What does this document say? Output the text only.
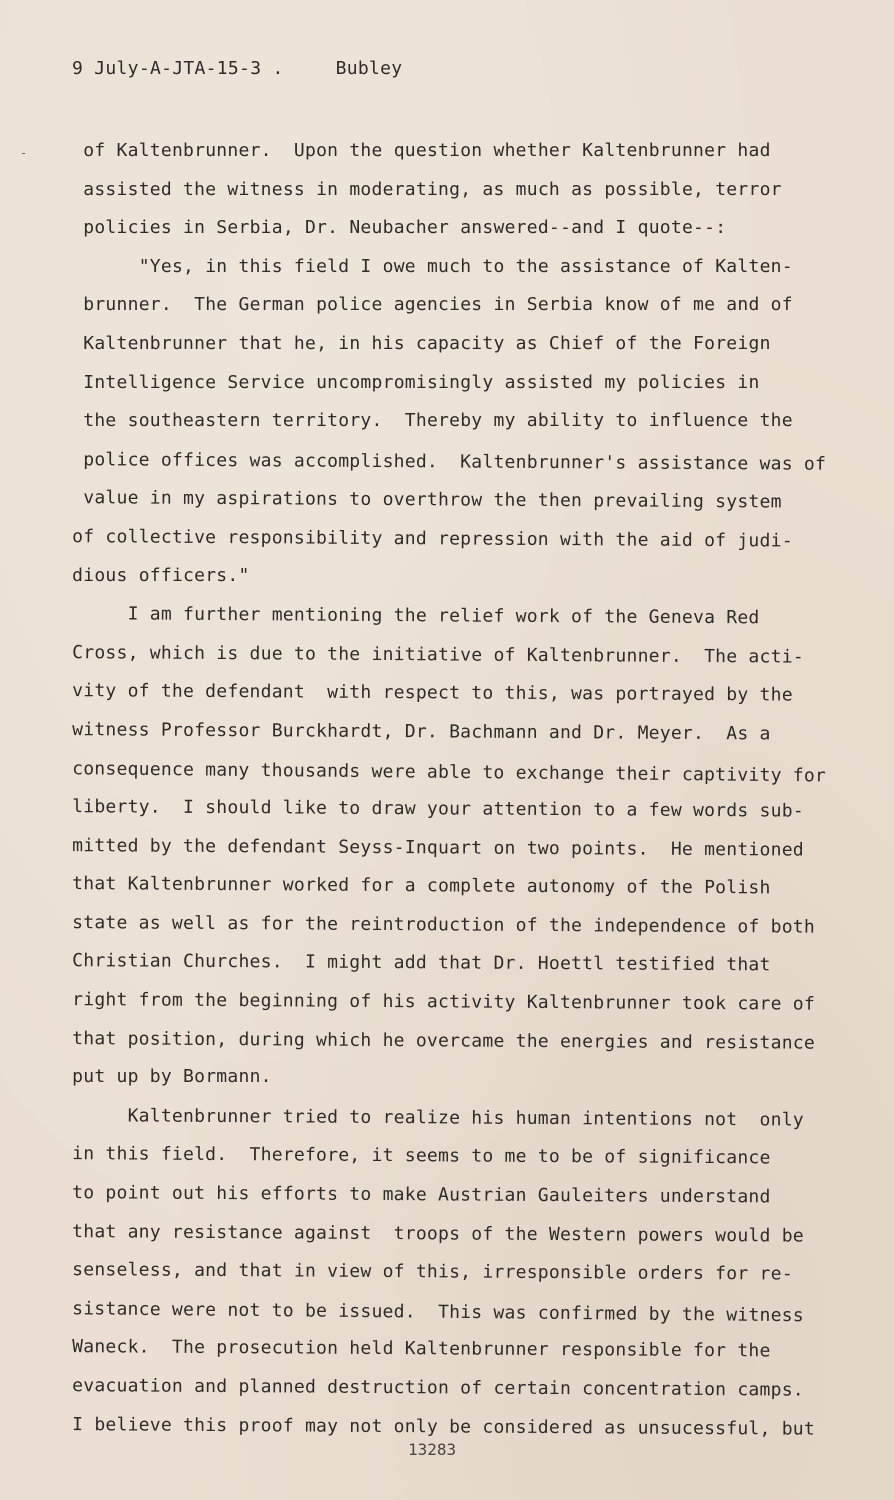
9 July-A-JTA-15-3 .	Bubley
- of Kaltenbrunner.  Upon the question whether Kaltenbrunner had
assisted the witness in moderating, as much as possible, terror
policies in Serbia, Dr. Neubacher answered--and I quote--:
"Yes, in this field I owe much to the assistance of Kalten-
brunner.  The German police agencies in Serbia know of me and of
Kaltenbrunner that he, in his capacity as Chief of the Foreign
Intelligence Service uncompromisingly assisted my policies in
the southeastern territory.  Thereby my ability to influence the
police offices was accomplished.  Kaltenbrunner's assistance was of
value in my aspirations to overthrow the then prevailing system
of collective responsibility and repression with the aid of judi-
dious officers."
I am further mentioning the relief work of the Geneva Red
Cross, which is due to the initiative of Kaltenbrunner.  The acti-
vity of the defendant  with respect to this, was portrayed by the
witness Professor Burckhardt, Dr. Bachmann and Dr. Meyer.  As a
consequence many thousands were able to exchange their captivity for
liberty.  I should like to draw your attention to a few words sub-
mitted by the defendant Seyss-Inquart on two points.  He mentioned
that Kaltenbrunner worked for a complete autonomy of the Polish
state as well as for the reintroduction of the independence of both
Christian Churches.  I might add that Dr. Hoettl testified that
right from the beginning of his activity Kaltenbrunner took care of
that position, during which he overcame the energies and resistance
put up by Bormann.
Kaltenbrunner tried to realize his human intentions not  only
in this field.  Therefore, it seems to me to be of significance
to point out his efforts to make Austrian Gauleiters understand
that any resistance against  troops of the Western powers would be
senseless, and that in view of this, irresponsible orders for re-
sistance were not to be issued.  This was confirmed by the witness
Waneck.  The prosecution held Kaltenbrunner responsible for the
evacuation and planned destruction of certain concentration camps.
I believe this proof may not only be considered as unsucessful, but
13283
